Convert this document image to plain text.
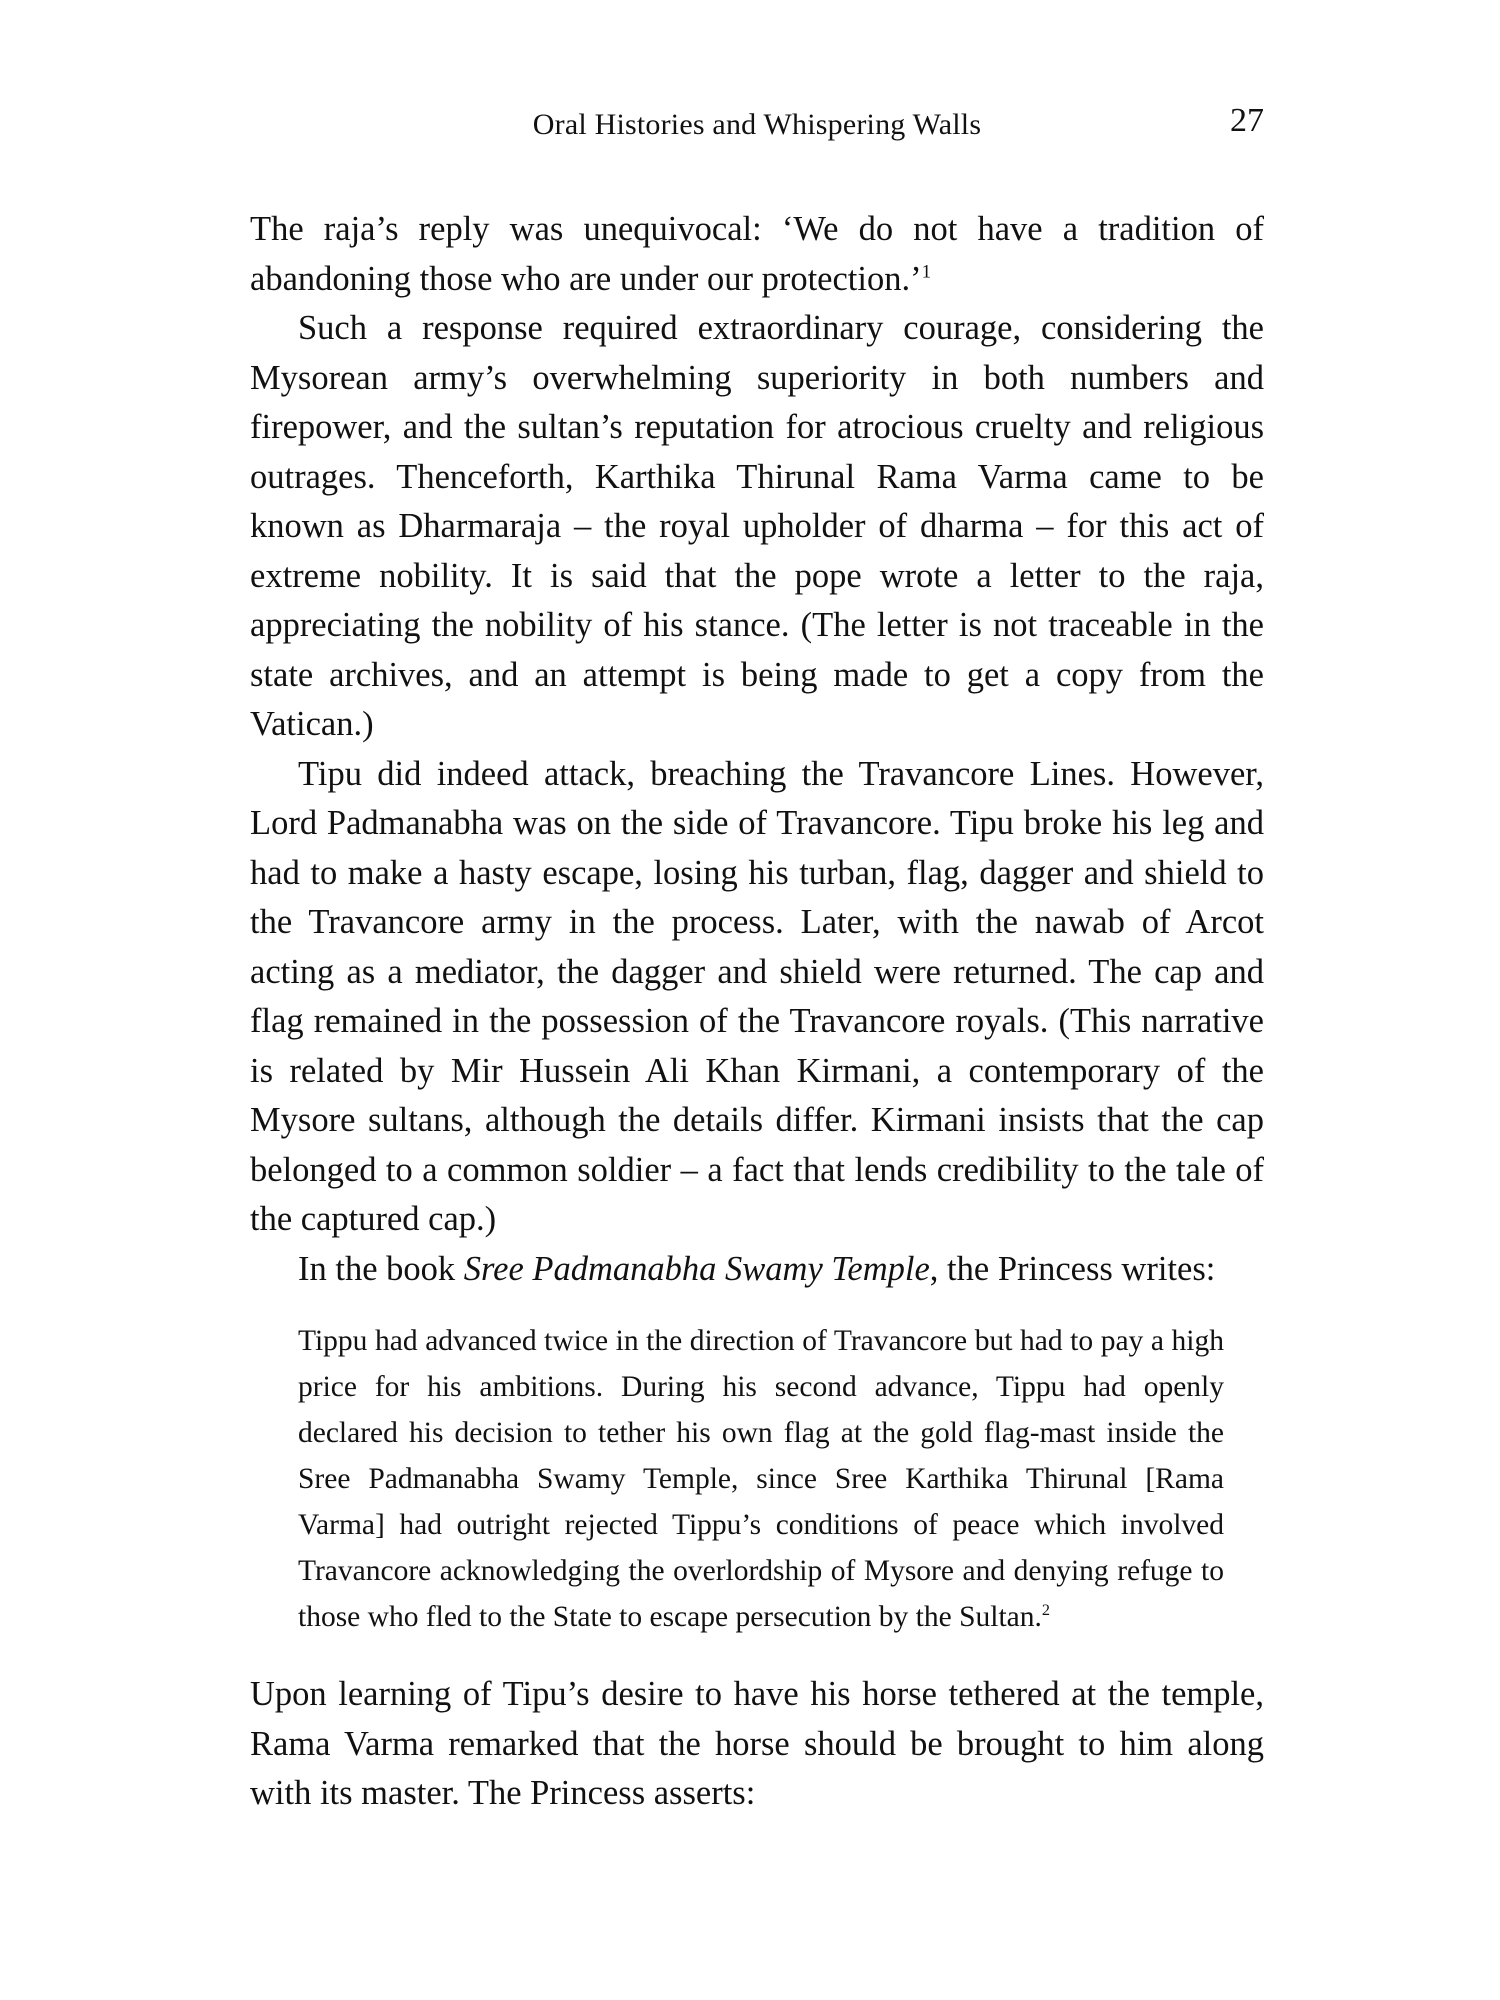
Oral Histories and Whispering Walls	27

The raja’s reply was unequivocal: ‘We do not have a tradition of abandoning those who are under our protection.’$^1$

Such a response required extraordinary courage, considering the Mysorean army’s overwhelming superiority in both numbers and firepower, and the sultan’s reputation for atrocious cruelty and religious outrages. Thenceforth, Karthika Thirunal Rama Varma came to be known as Dharmaraja – the royal upholder of dharma – for this act of extreme nobility. It is said that the pope wrote a letter to the raja, appreciating the nobility of his stance. (The letter is not traceable in the state archives, and an attempt is being made to get a copy from the Vatican.)

Tipu did indeed attack, breaching the Travancore Lines. However, Lord Padmanabha was on the side of Travancore. Tipu broke his leg and had to make a hasty escape, losing his turban, flag, dagger and shield to the Travancore army in the process. Later, with the nawab of Arcot acting as a mediator, the dagger and shield were returned. The cap and flag remained in the possession of the Travancore royals. (This narrative is related by Mir Hussein Ali Khan Kirmani, a contemporary of the Mysore sultans, although the details differ. Kirmani insists that the cap belonged to a common soldier – a fact that lends credibility to the tale of the captured cap.)

In the book Sree Padmanabha Swamy Temple, the Princess writes:

Tippu had advanced twice in the direction of Travancore but had to pay a high price for his ambitions. During his second advance, Tippu had openly declared his decision to tether his own flag at the gold flag-mast inside the Sree Padmanabha Swamy Temple, since Sree Karthika Thirunal [Rama Varma] had outright rejected Tippu’s conditions of peace which involved Travancore acknowledging the overlordship of Mysore and denying refuge to those who fled to the State to escape persecution by the Sultan.$^2$

Upon learning of Tipu’s desire to have his horse tethered at the temple, Rama Varma remarked that the horse should be brought to him along with its master. The Princess asserts:
